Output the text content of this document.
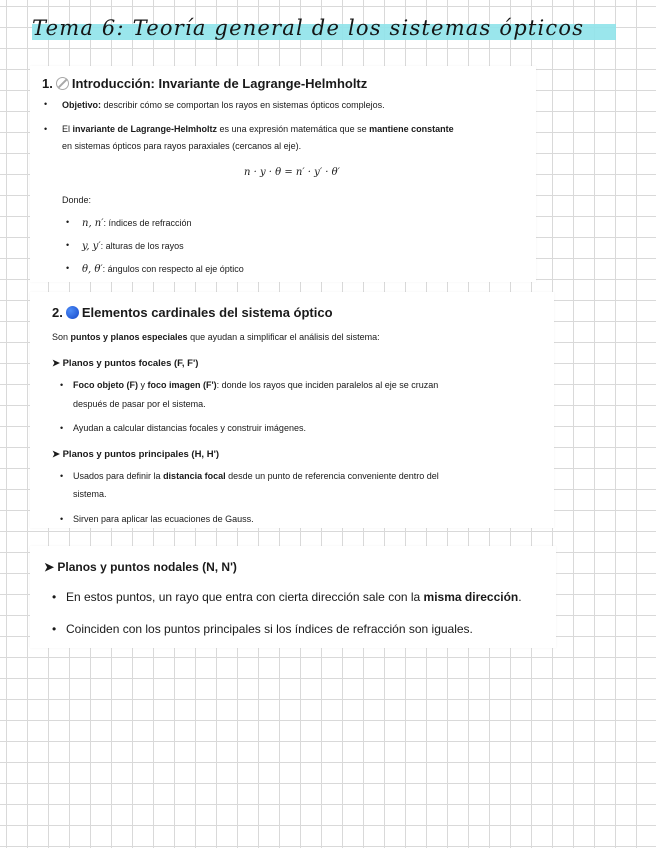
Tema 6: Teoría general de los sistemas ópticos
1. Introducción: Invariante de Lagrange-Helmholtz
• Objetivo: describir cómo se comportan los rayos en sistemas ópticos complejos.
• El invariante de Lagrange-Helmholtz es una expresión matemática que se mantiene constante
en sistemas ópticos para rayos paraxiales (cercanos al eje).
n · y · θ = n′ · y′ · θ′
Donde:
• n, n′: índices de refracción
• y, y′: alturas de los rayos
• θ, θ′: ángulos con respecto al eje óptico
2. Elementos cardinales del sistema óptico
Son puntos y planos especiales que ayudan a simplificar el análisis del sistema:
➤ Planos y puntos focales (F, F')
• Foco objeto (F) y foco imagen (F'): donde los rayos que inciden paralelos al eje se cruzan
después de pasar por el sistema.
• Ayudan a calcular distancias focales y construir imágenes.
➤ Planos y puntos principales (H, H')
• Usados para definir la distancia focal desde un punto de referencia conveniente dentro del
sistema.
• Sirven para aplicar las ecuaciones de Gauss.
➤ Planos y puntos nodales (N, N')
• En estos puntos, un rayo que entra con cierta dirección sale con la misma dirección.
• Coinciden con los puntos principales si los índices de refracción son iguales.
